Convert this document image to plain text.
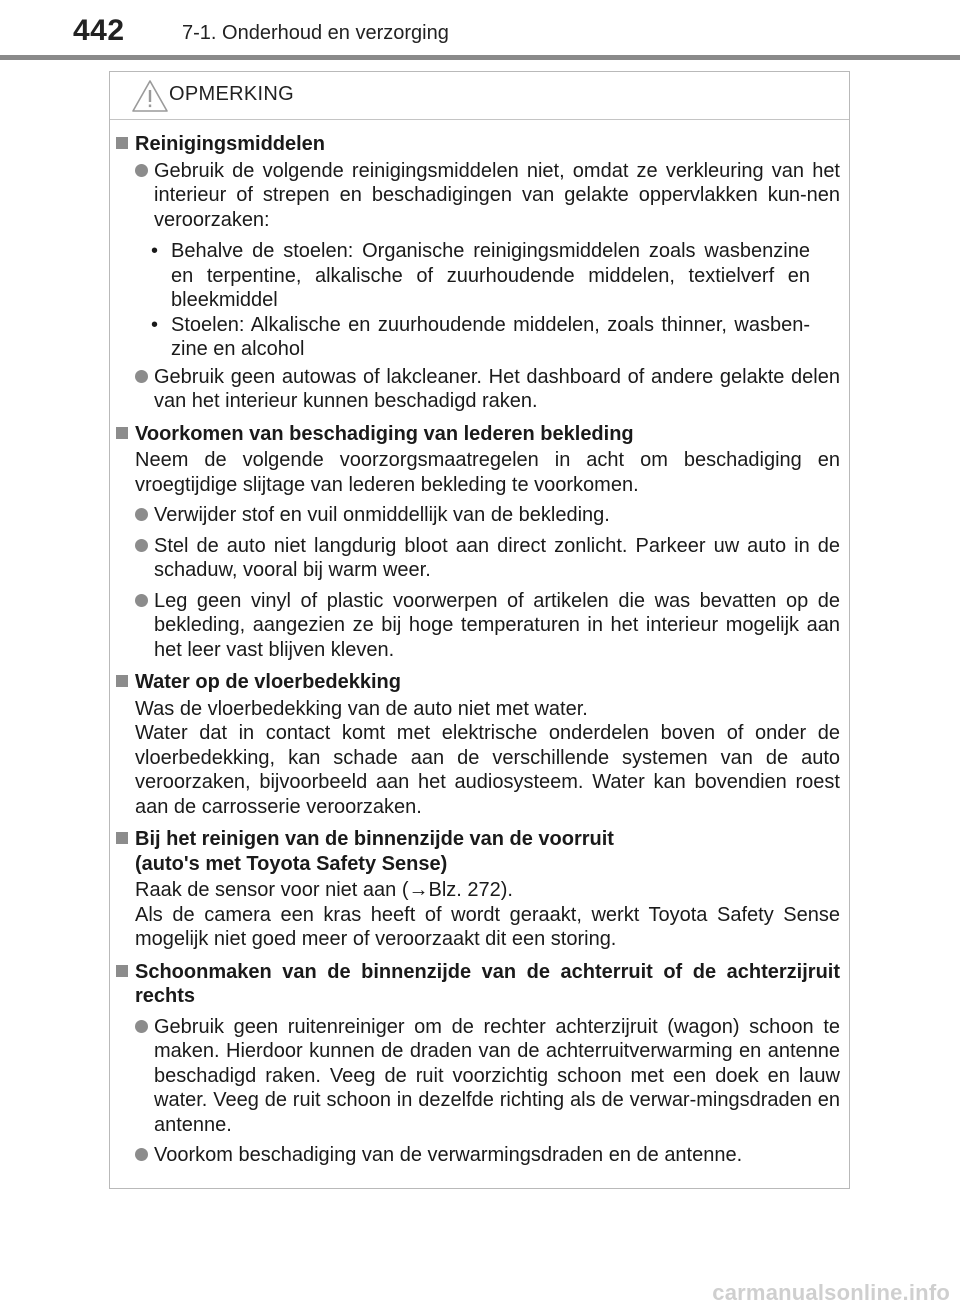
442	7-1. Onderhoud en verzorging
OPMERKING
Reinigingsmiddelen
Gebruik de volgende reinigingsmiddelen niet, omdat ze verkleuring van het interieur of strepen en beschadigingen van gelakte oppervlakken kun-nen veroorzaken:
• Behalve de stoelen: Organische reinigingsmiddelen zoals wasbenzine en terpentine, alkalische of zuurhoudende middelen, textielverf en bleekmiddel
• Stoelen: Alkalische en zuurhoudende middelen, zoals thinner, wasben-zine en alcohol
Gebruik geen autowas of lakcleaner. Het dashboard of andere gelakte delen van het interieur kunnen beschadigd raken.
Voorkomen van beschadiging van lederen bekleding
Neem de volgende voorzorgsmaatregelen in acht om beschadiging en vroegtijdige slijtage van lederen bekleding te voorkomen.
Verwijder stof en vuil onmiddellijk van de bekleding.
Stel de auto niet langdurig bloot aan direct zonlicht. Parkeer uw auto in de schaduw, vooral bij warm weer.
Leg geen vinyl of plastic voorwerpen of artikelen die was bevatten op de bekleding, aangezien ze bij hoge temperaturen in het interieur mogelijk aan het leer vast blijven kleven.
Water op de vloerbedekking
Was de vloerbedekking van de auto niet met water.
Water dat in contact komt met elektrische onderdelen boven of onder de vloerbedekking, kan schade aan de verschillende systemen van de auto veroorzaken, bijvoorbeeld aan het audiosysteem. Water kan bovendien roest aan de carrosserie veroorzaken.
Bij het reinigen van de binnenzijde van de voorruit
(auto's met Toyota Safety Sense)
Raak de sensor voor niet aan (→Blz. 272).
Als de camera een kras heeft of wordt geraakt, werkt Toyota Safety Sense mogelijk niet goed meer of veroorzaakt dit een storing.
Schoonmaken van de binnenzijde van de achterruit of de achterzijruit rechts
Gebruik geen ruitenreiniger om de rechter achterzijruit (wagon) schoon te maken. Hierdoor kunnen de draden van de achterruitverwarming en antenne beschadigd raken. Veeg de ruit voorzichtig schoon met een doek en lauw water. Veeg de ruit schoon in dezelfde richting als de verwar-mingsdraden en antenne.
Voorkom beschadiging van de verwarmingsdraden en de antenne.
carmanualsonline.info
